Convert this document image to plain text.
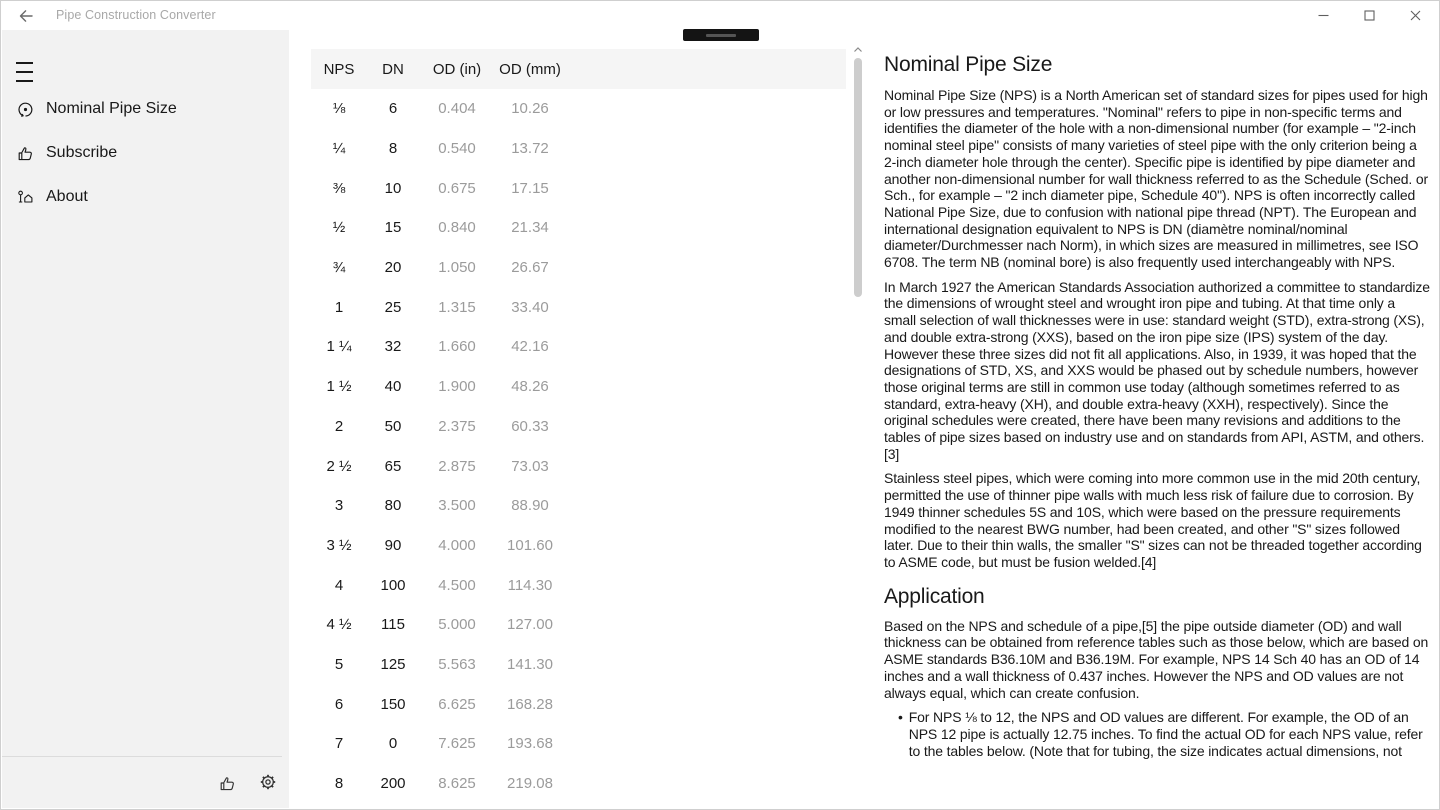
Pipe Construction Converter
Nominal Pipe Size
Subscribe
About
NPS	DN	OD (in)	OD (mm)
⅛	6	0.404	10.26
¼	8	0.540	13.72
⅜	10	0.675	17.15
½	15	0.840	21.34
¾	20	1.050	26.67
1	25	1.315	33.40
1 ¼	32	1.660	42.16
1 ½	40	1.900	48.26
2	50	2.375	60.33
2 ½	65	2.875	73.03
3	80	3.500	88.90
3 ½	90	4.000	101.60
4	100	4.500	114.30
4 ½	115	5.000	127.00
5	125	5.563	141.30
6	150	6.625	168.28
7	0	7.625	193.68
8	200	8.625	219.08
Nominal Pipe Size

Nominal Pipe Size (NPS) is a North American set of standard sizes for pipes used for high or low pressures and temperatures. "Nominal" refers to pipe in non-specific terms and identifies the diameter of the hole with a non-dimensional number (for example – "2-inch nominal steel pipe" consists of many varieties of steel pipe with the only criterion being a 2-inch diameter hole through the center). Specific pipe is identified by pipe diameter and another non-dimensional number for wall thickness referred to as the Schedule (Sched. or Sch., for example – "2 inch diameter pipe, Schedule 40"). NPS is often incorrectly called National Pipe Size, due to confusion with national pipe thread (NPT). The European and international designation equivalent to NPS is DN (diamètre nominal/nominal diameter/Durchmesser nach Norm), in which sizes are measured in millimetres, see ISO 6708. The term NB (nominal bore) is also frequently used interchangeably with NPS.

In March 1927 the American Standards Association authorized a committee to standardize the dimensions of wrought steel and wrought iron pipe and tubing. At that time only a small selection of wall thicknesses were in use: standard weight (STD), extra-strong (XS), and double extra-strong (XXS), based on the iron pipe size (IPS) system of the day. However these three sizes did not fit all applications. Also, in 1939, it was hoped that the designations of STD, XS, and XXS would be phased out by schedule numbers, however those original terms are still in common use today (although sometimes referred to as standard, extra-heavy (XH), and double extra-heavy (XXH), respectively). Since the original schedules were created, there have been many revisions and additions to the tables of pipe sizes based on industry use and on standards from API, ASTM, and others.[3]

Stainless steel pipes, which were coming into more common use in the mid 20th century, permitted the use of thinner pipe walls with much less risk of failure due to corrosion. By 1949 thinner schedules 5S and 10S, which were based on the pressure requirements modified to the nearest BWG number, had been created, and other "S" sizes followed later. Due to their thin walls, the smaller "S" sizes can not be threaded together according to ASME code, but must be fusion welded.[4]

Application

Based on the NPS and schedule of a pipe,[5] the pipe outside diameter (OD) and wall thickness can be obtained from reference tables such as those below, which are based on ASME standards B36.10M and B36.19M. For example, NPS 14 Sch 40 has an OD of 14 inches and a wall thickness of 0.437 inches. However the NPS and OD values are not always equal, which can create confusion.

• For NPS ⅛ to 12, the NPS and OD values are different. For example, the OD of an NPS 12 pipe is actually 12.75 inches. To find the actual OD for each NPS value, refer to the tables below. (Note that for tubing, the size indicates actual dimensions, not
